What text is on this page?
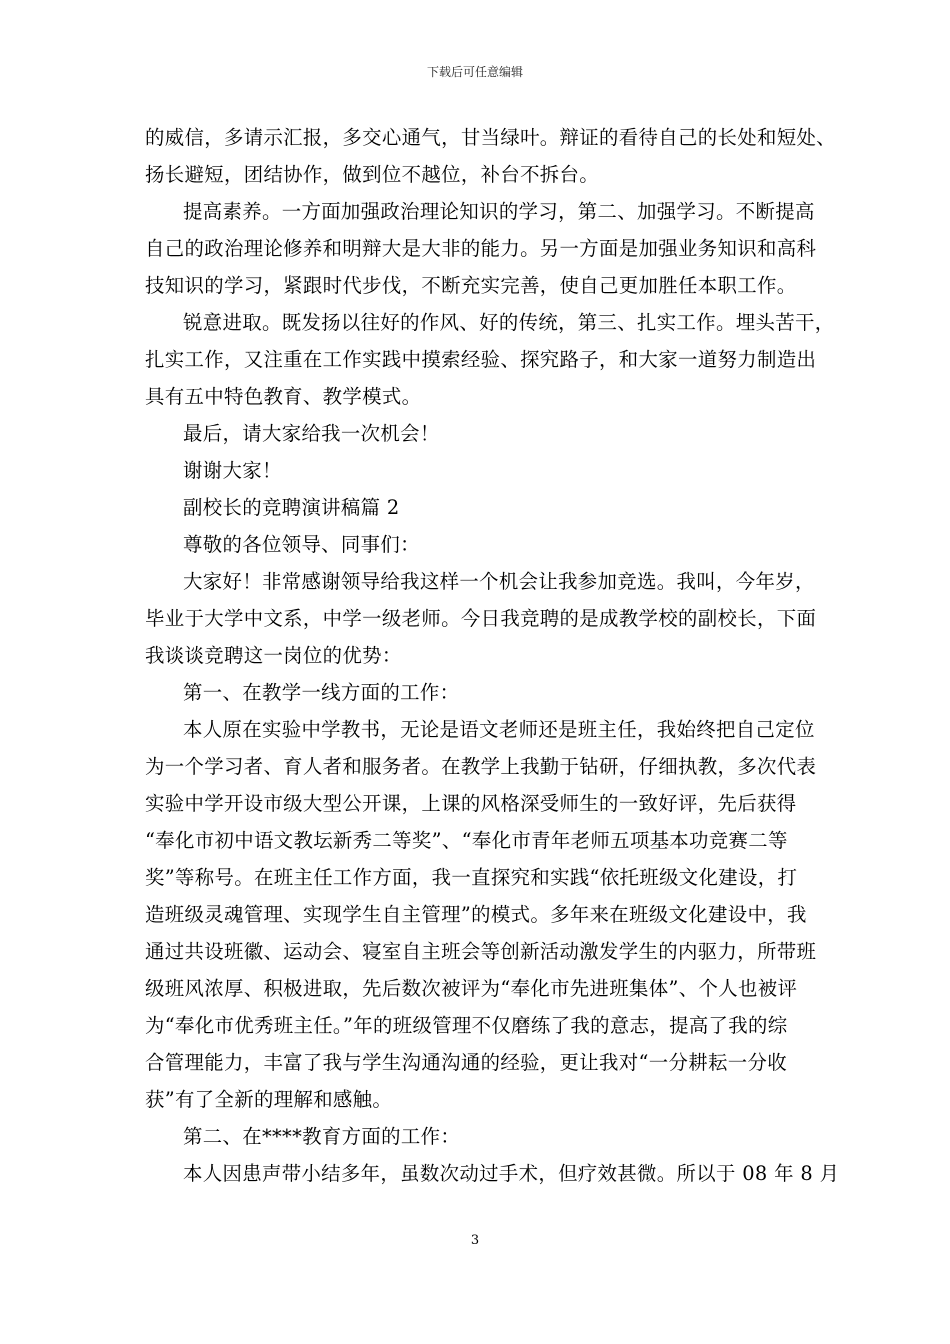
下载后可任意编辑
的威信，多请示汇报，多交心通气，甘当绿叶。辩证的看待自己的长处和短处、
扬长避短，团结协作，做到位不越位，补台不拆台。
提高素养。一方面加强政治理论知识的学习，第二、加强学习。不断提高
自己的政治理论修养和明辩大是大非的能力。另一方面是加强业务知识和高科
技知识的学习，紧跟时代步伐，不断充实完善，使自己更加胜任本职工作。
锐意进取。既发扬以往好的作风、好的传统，第三、扎实工作。埋头苦干，
扎实工作，又注重在工作实践中摸索经验、探究路子，和大家一道努力制造出
具有五中特色教育、教学模式。
最后，请大家给我一次机会！
谢谢大家！
副校长的竞聘演讲稿篇 2
尊敬的各位领导、同事们：
大家好！非常感谢领导给我这样一个机会让我参加竞选。我叫，今年岁，
毕业于大学中文系，中学一级老师。今日我竞聘的是成教学校的副校长，下面
我谈谈竞聘这一岗位的优势：
第一、在教学一线方面的工作：
本人原在实验中学教书，无论是语文老师还是班主任，我始终把自己定位
为一个学习者、育人者和服务者。在教学上我勤于钻研，仔细执教，多次代表
实验中学开设市级大型公开课，上课的风格深受师生的一致好评，先后获得
“奉化市初中语文教坛新秀二等奖”、“奉化市青年老师五项基本功竞赛二等
奖”等称号。在班主任工作方面，我一直探究和实践“依托班级文化建设，打
造班级灵魂管理、实现学生自主管理”的模式。多年来在班级文化建设中，我
通过共设班徽、运动会、寝室自主班会等创新活动激发学生的内驱力，所带班
级班风浓厚、积极进取，先后数次被评为“奉化市先进班集体”、个人也被评
为“奉化市优秀班主任。”年的班级管理不仅磨练了我的意志，提高了我的综
合管理能力，丰富了我与学生沟通沟通的经验，更让我对“一分耕耘一分收
获”有了全新的理解和感触。
第二、在****教育方面的工作：
本人因患声带小结多年，虽数次动过手术，但疗效甚微。所以于 08 年 8 月
3
